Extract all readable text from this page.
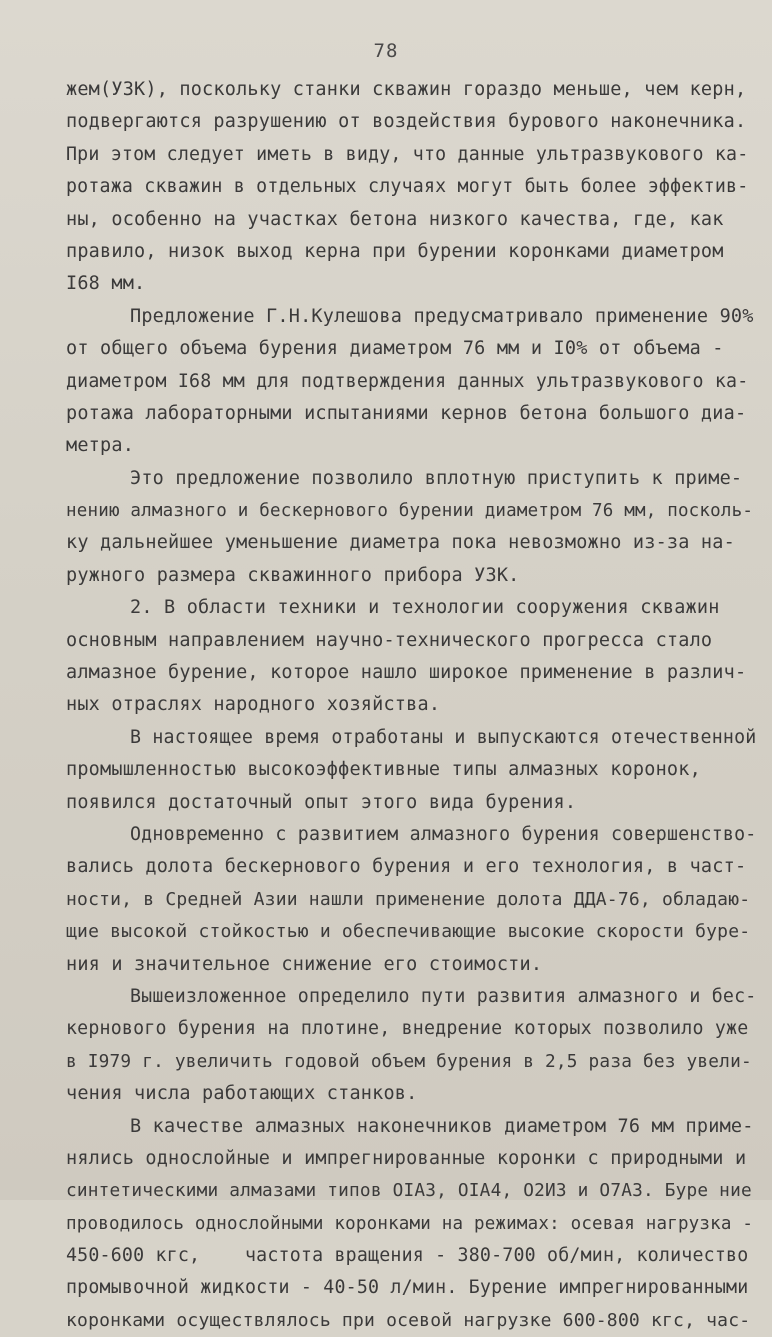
78
жем(УЗК), поскольку станки скважин гораздо меньше, чем керн,
подвергаются разрушению от воздействия бурового наконечника.
При этом следует иметь в виду, что данные ультразвукового ка-
ротажа скважин в отдельных случаях могут быть более эффектив-
ны, особенно на участках бетона низкого качества, где, как
правило, низок выход керна при бурении коронками диаметром
I68 мм.
Предложение Г.Н.Кулешова предусматривало применение 90%
от общего объема бурения диаметром 76 мм и I0% от объема -
диаметром I68 мм для подтверждения данных ультразвукового ка-
ротажа лабораторными испытаниями кернов бетона большого диа-
метра.
Это предложение позволило вплотную приступить к приме-
нению алмазного и бескернового бурении диаметром 76 мм, посколь-
ку дальнейшее уменьшение диаметра пока невозможно из-за на-
ружного размера скважинного прибора УЗК.
2. В области техники и технологии сооружения скважин
основным направлением научно-технического прогресса стало
алмазное бурение, которое нашло широкое применение в различ-
ных отраслях народного хозяйства.
В настоящее время отработаны и выпускаются отечественной
промышленностью высокоэффективные типы алмазных коронок,
появился достаточный опыт этого вида бурения.
Одновременно с развитием алмазного бурения совершенство-
вались долота бескернового бурения и его технология, в част-
ности, в Средней Азии нашли применение долота ДДА-76, обладаю-
щие высокой стойкостью и обеспечивающие высокие скорости буре-
ния и значительное снижение его стоимости.
Вышеизложенное определило пути развития алмазного и бес-
кернового бурения на плотине, внедрение которых позволило уже
в I979 г. увеличить годовой объем бурения в 2,5 раза без увели-
чения числа работающих станков.
В качестве алмазных наконечников диаметром 76 мм приме-
нялись однослойные и импрегнированные коронки с природными и
синтетическими алмазами типов OIA3, OIA4, O2И3 и O7A3. Буре ние
проводилось однослойными коронками на режимах: осевая нагрузка -
450-600 кгс,    частота вращения - 380-700 об/мин, количество
промывочной жидкости - 40-50 л/мин. Бурение импрегнированными
коронками осуществлялось при осевой нагрузке 600-800 кгс, час-
